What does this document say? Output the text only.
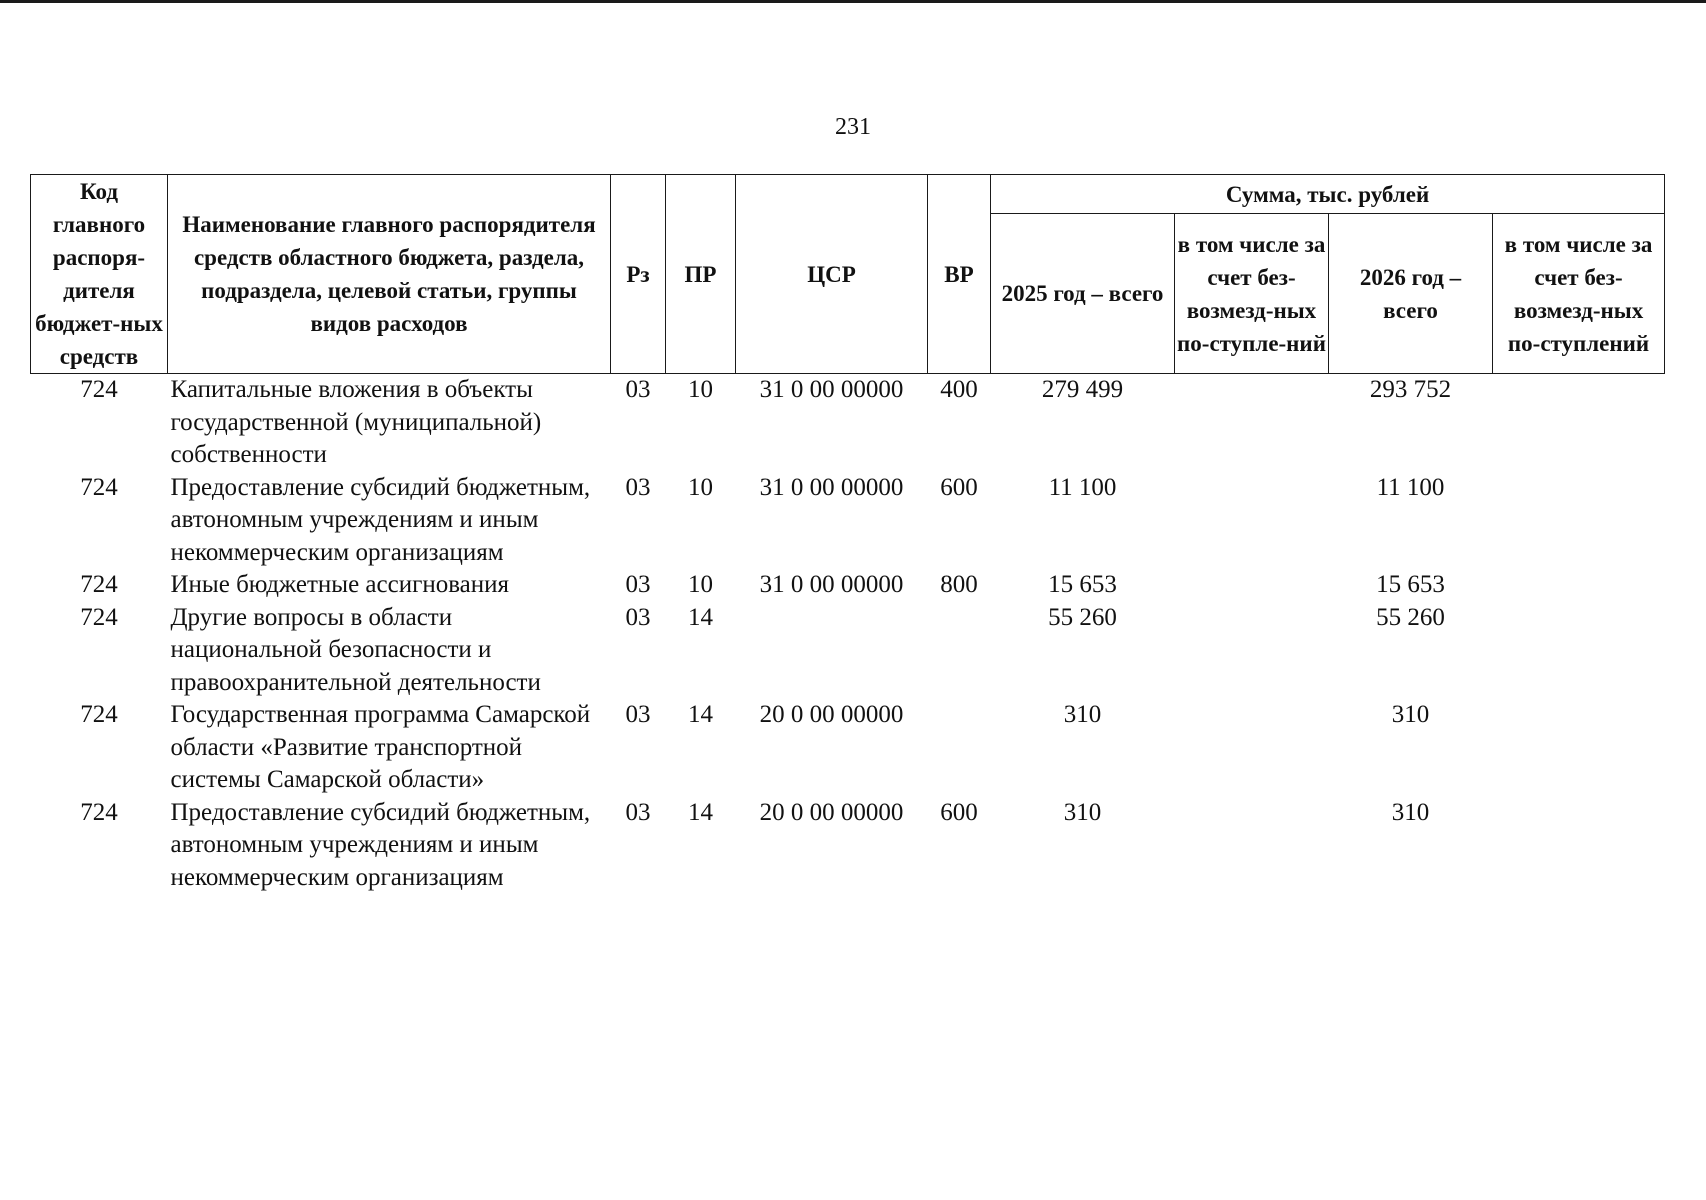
231
Код главного распоря-дителя бюджет-ных средств	Наименование главного распорядителя средств областного бюджета, раздела, подраздела, целевой статьи, группы видов расходов	Рз	ПР	ЦСР	ВР	Сумма, тыс. рублей			
						2025 год – всего	в том числе за счет без-возмезд-ных по-ступле-ний	2026 год – всего	в том числе за счет без-возмезд-ных по-ступлений
724	Капитальные вложения в объекты государственной (муниципальной) собственности	03	10	31 0 00 00000	400	279 499		293 752	
724	Предоставление субсидий бюджетным, автономным учреждениям и иным некоммерческим организациям	03	10	31 0 00 00000	600	11 100		11 100	
724	Иные бюджетные ассигнования	03	10	31 0 00 00000	800	15 653		15 653	
724	Другие вопросы в области национальной безопасности и правоохранительной деятельности	03	14			55 260		55 260	
724	Государственная программа Самарской области «Развитие транспортной системы Самарской области»	03	14	20 0 00 00000		310		310	
724	Предоставление субсидий бюджетным, автономным учреждениям и иным некоммерческим организациям	03	14	20 0 00 00000	600	310		310	
